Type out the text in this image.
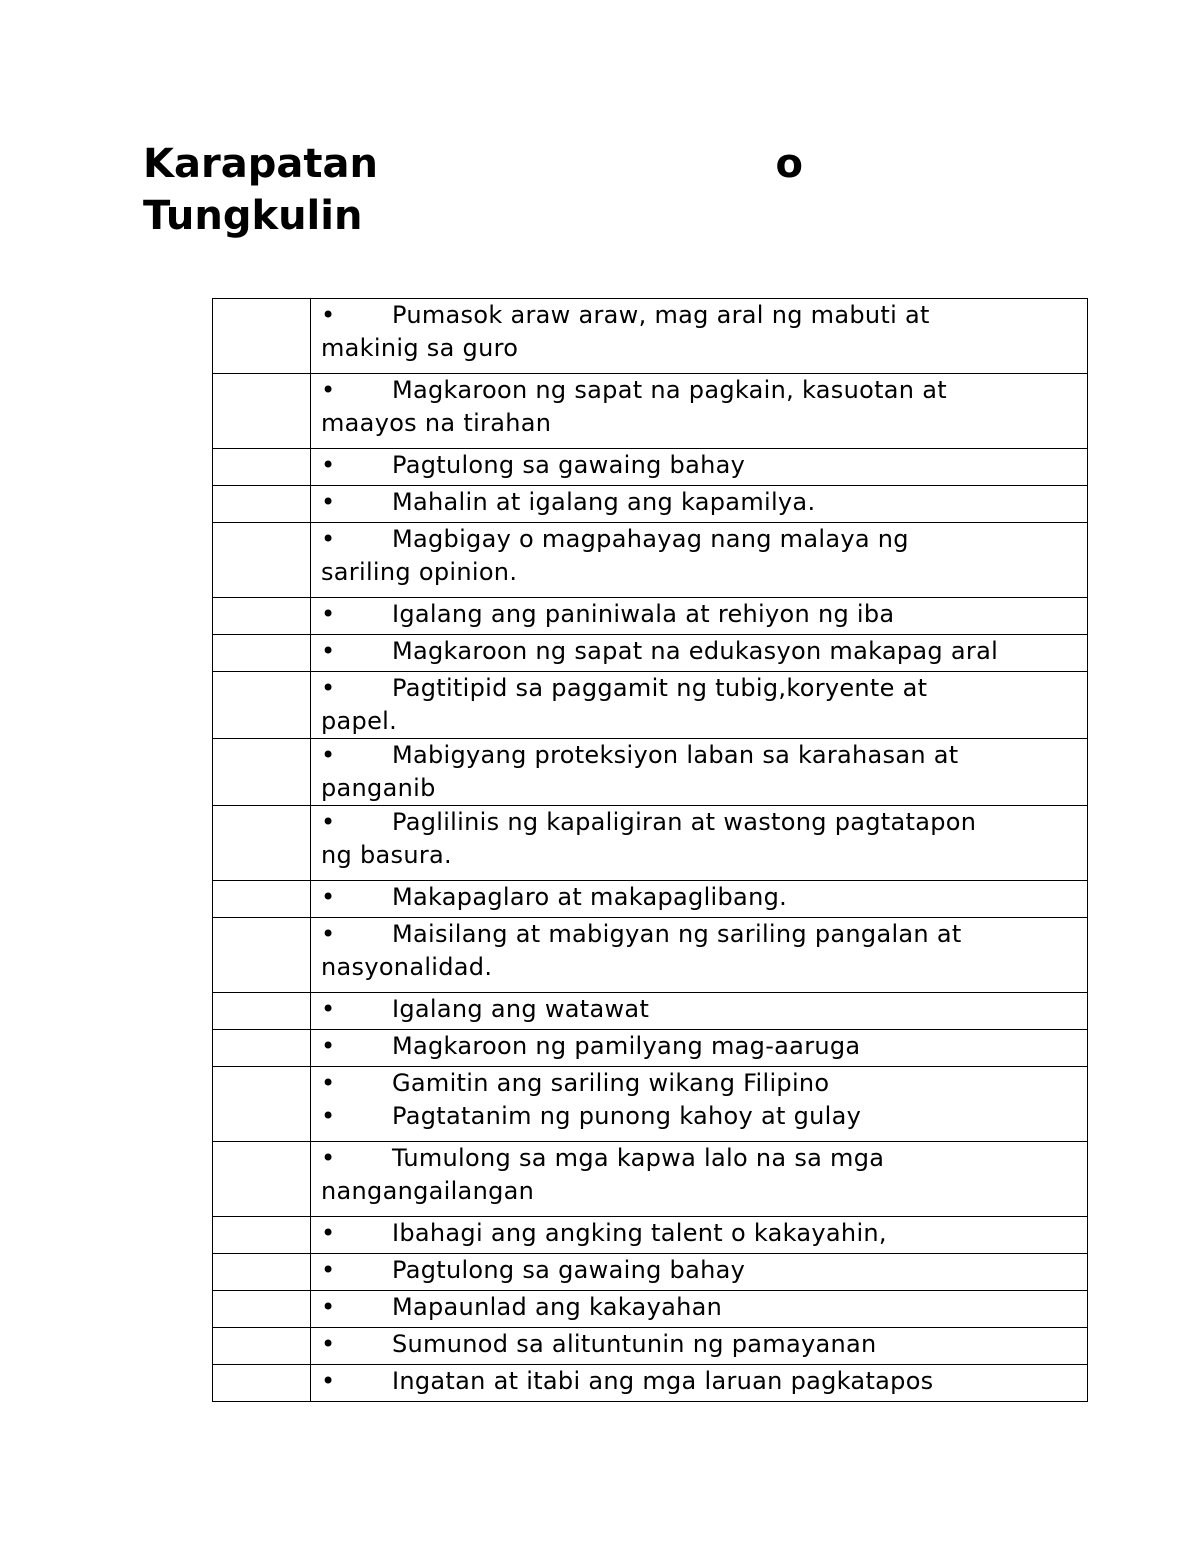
Karapatan	o
Tungkulin

	• Pumasok araw araw, mag aral ng mabuti at
makinig sa guro

	• Magkaroon ng sapat na pagkain, kasuotan at
maayos na tirahan

	• Pagtulong sa gawaing bahay

	• Mahalin at igalang ang kapamilya.

	• Magbigay o magpahayag nang malaya ng
sariling opinion.

	• Igalang ang paniniwala at rehiyon ng iba

	• Magkaroon ng sapat na edukasyon makapag aral

	• Pagtitipid sa paggamit ng tubig,koryente at
papel.

	• Mabigyang proteksiyon laban sa karahasan at
panganib

	• Paglilinis ng kapaligiran at wastong pagtatapon
ng basura.

	• Makapaglaro at makapaglibang.

	• Maisilang at mabigyan ng sariling pangalan at
nasyonalidad.

	• Igalang ang watawat

	• Magkaroon ng pamilyang mag-aaruga

	• Gamitin ang sariling wikang Filipino
• Pagtatanim ng punong kahoy at gulay

	• Tumulong sa mga kapwa lalo na sa mga
nangangailangan

	• Ibahagi ang angking talent o kakayahin,

	• Pagtulong sa gawaing bahay

	• Mapaunlad ang kakayahan

	• Sumunod sa alituntunin ng pamayanan

	• Ingatan at itabi ang mga laruan pagkatapos
